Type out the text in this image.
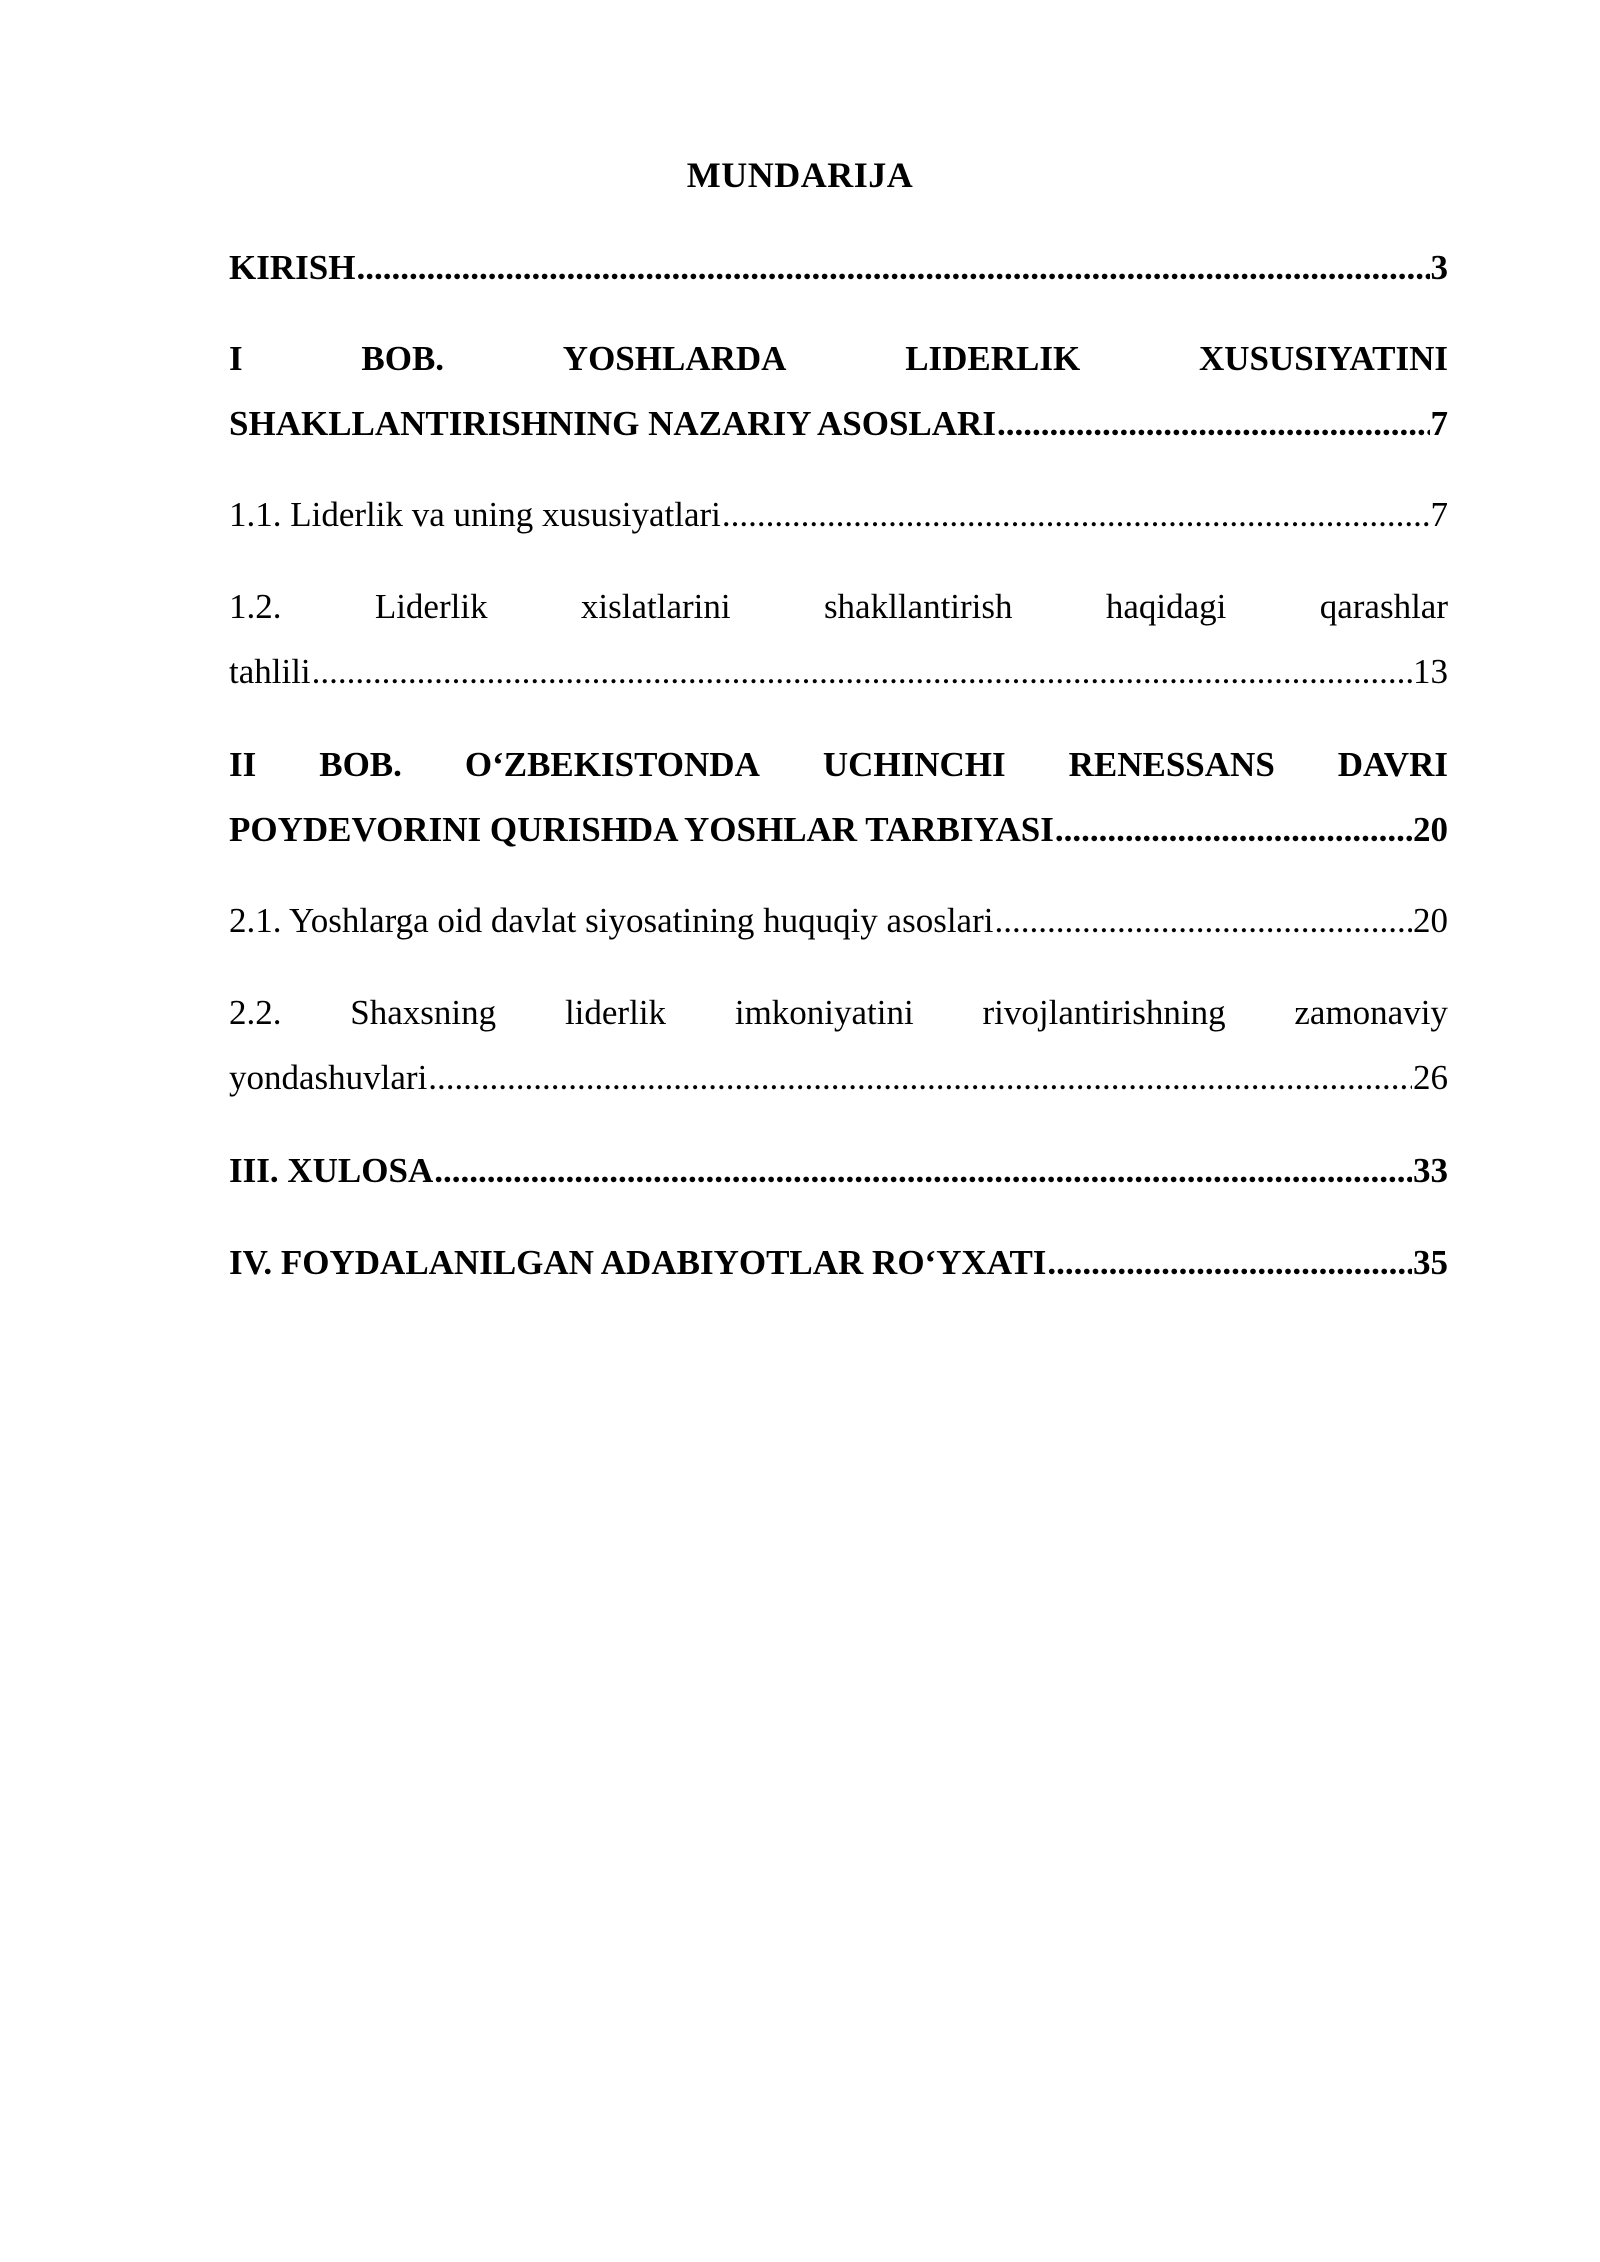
MUNDARIJA
KIRISH .....	3
I	BOB.	YOSHLARDA	LIDERLIK	XUSUSIYATINI
SHAKLLANTIRISHNING NAZARIY ASOSLARI .....	7
1.1. Liderlik va uning xususiyatlari .....	7
1.2.	Liderlik	xislatlarini	shakllantirish	haqidagi	qarashlar
tahlili .....	13
II BOB. O‘ZBEKISTONDA UCHINCHI RENESSANS DAVRI
POYDEVORINI QURISHDA YOSHLAR TARBIYASI .....	20
2.1. Yoshlarga oid davlat siyosatining huquqiy asoslari .....	20
2.2. Shaxsning liderlik imkoniyatini rivojlantirishning zamonaviy
yondashuvlari .....	26
III. XULOSA .....	33
IV. FOYDALANILGAN ADABIYOTLAR RO‘YXATI .....	35
